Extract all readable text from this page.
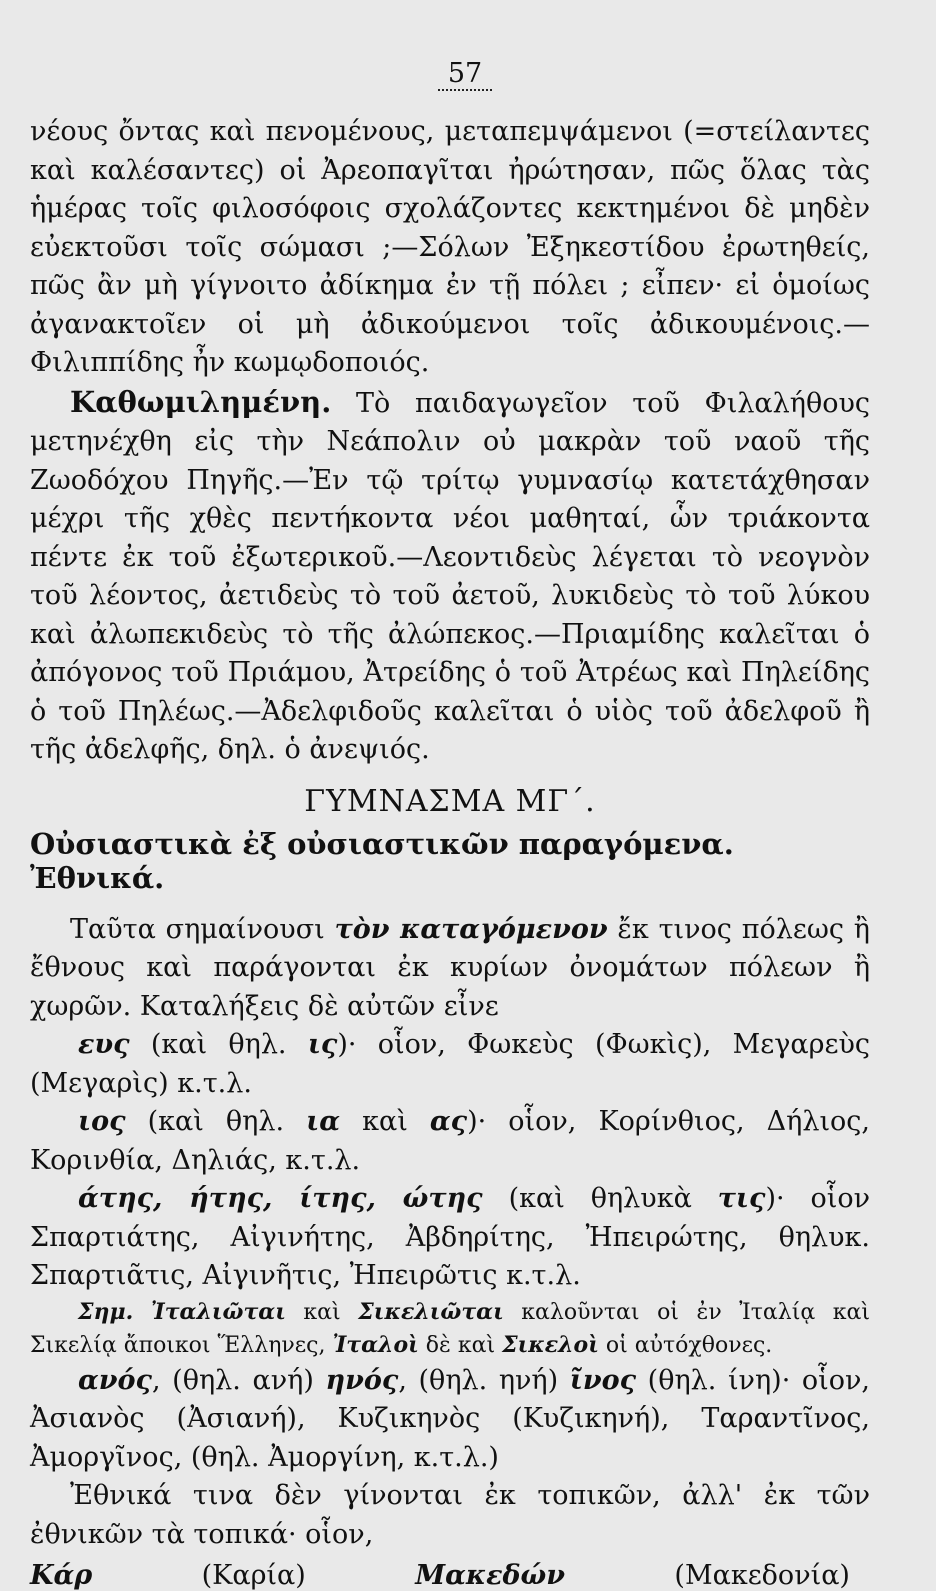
57

νέους ὄντας καὶ πενομένους, μεταπεμψάμενοι (=στείλαντες καὶ καλέσαντες) οἱ Ἀρεοπαγῖται ἠρώτησαν, πῶς ὅλας τὰς ἡμέρας τοῖς φιλοσόφοις σχολάζοντες κεκτημένοι δὲ μηδὲν εὐεκτοῦσι τοῖς σώμασι ;—Σόλων Ἐξηκεστίδου ἐρωτηθείς, πῶς ἂν μὴ γίγνοιτο ἀδίκημα ἐν τῇ πόλει ; εἶπεν· εἰ ὁμοίως ἀγανακτοῖεν οἱ μὴ ἀδικούμενοι τοῖς ἀδικουμένοις.—Φιλιππίδης ἦν κωμῳδοποιός.

Καθωμιλημένη. Τὸ παιδαγωγεῖον τοῦ Φιλαλήθους μετηνέχθη εἰς τὴν Νεάπολιν οὐ μακρὰν τοῦ ναοῦ τῆς Ζωοδόχου Πηγῆς.—Ἐν τῷ τρίτῳ γυμνασίῳ κατετάχθησαν μέχρι τῆς χθὲς πεντήκοντα νέοι μαθηταί, ὧν τριάκοντα πέντε ἐκ τοῦ ἐξωτερικοῦ.—Λεοντιδεὺς λέγεται τὸ νεογνὸν τοῦ λέοντος, ἀετιδεὺς τὸ τοῦ ἀετοῦ, λυκιδεὺς τὸ τοῦ λύκου καὶ ἀλωπεκιδεὺς τὸ τῆς ἀλώπεκος.—Πριαμίδης καλεῖται ὁ ἀπόγονος τοῦ Πριάμου, Ἀτρείδης ὁ τοῦ Ἀτρέως καὶ Πηλείδης ὁ τοῦ Πηλέως.—Ἀδελφιδοῦς καλεῖται ὁ υἱὸς τοῦ ἀδελφοῦ ἢ τῆς ἀδελφῆς, δηλ. ὁ ἀνεψιός.

ΓΥΜΝΑΣΜΑ ΜΓ΄.
Οὐσιαστικὰ ἐξ οὐσιαστικῶν παραγόμενα. Ἐθνικά.

Ταῦτα σημαίνουσι τὸν καταγόμενον ἔκ τινος πόλεως ἢ ἔθνους καὶ παράγονται ἐκ κυρίων ὀνομάτων πόλεων ἢ χωρῶν. Καταλήξεις δὲ αὐτῶν εἶνε

ευς (καὶ θηλ. ις)· οἷον, Φωκεὺς (Φωκὶς), Μεγαρεὺς (Μεγαρὶς) κ.τ.λ.

ιος (καὶ θηλ. ια καὶ ας)· οἷον, Κορίνθιος, Δήλιος, Κορινθία, Δηλιάς, κ.τ.λ.

άτης, ήτης, ίτης, ώτης (καὶ θηλυκὰ τις)· οἷον Σπαρτιάτης, Αἰγινήτης, Ἀβδηρίτης, Ἠπειρώτης, θηλυκ. Σπαρτιᾶτις, Αἰγινῆτις, Ἠπειρῶτις κ.τ.λ.

Σημ. Ἰταλιῶται καὶ Σικελιῶται καλοῦνται οἱ ἐν Ἰταλίᾳ καὶ Σικελίᾳ ἄποικοι Ἕλληνες, Ἰταλοὶ δὲ καὶ Σικελοὶ οἱ αὐτόχθονες.

ανός, (θηλ. ανή) ηνός, (θηλ. ηνή) ῖνος (θηλ. ίνη)· οἷον, Ἀσιανὸς (Ἀσιανή), Κυζικηνὸς (Κυζικηνή), Ταραντῖνος, Ἀμοργῖνος, (θηλ. Ἀμοργίνη, κ.τ.λ.)

Ἐθνικά τινα δὲν γίνονται ἐκ τοπικῶν, ἀλλ' ἐκ τῶν ἐθνικῶν τὰ τοπικά· οἷον,

Κάρ	(Καρία)	Μακεδών	(Μακεδονία)
